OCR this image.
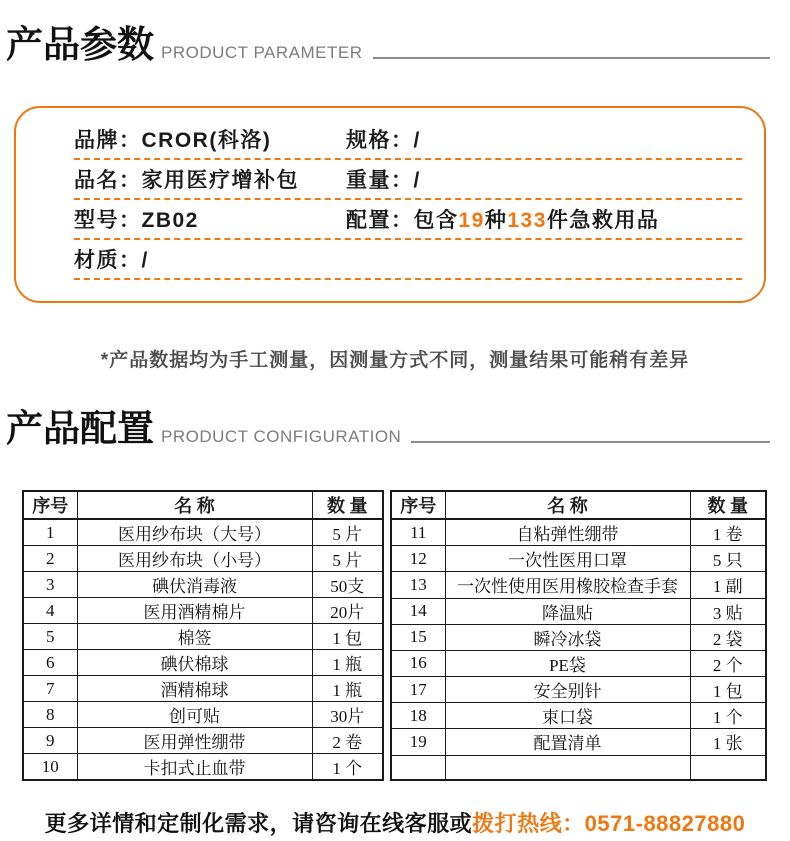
产品参数 PRODUCT PARAMETER
品牌：CROR(科洛)	规格：/
品名：家用医疗增补包	重量：/
型号：ZB02	配置：包含19种133件急救用品
材质：/
*产品数据均为手工测量，因测量方式不同，测量结果可能稍有差异
产品配置 PRODUCT CONFIGURATION
序号	名 称	数 量
1	医用纱布块（大号）	5 片
2	医用纱布块（小号）	5 片
3	碘伏消毒液	50支
4	医用酒精棉片	20片
5	棉签	1 包
6	碘伏棉球	1 瓶
7	酒精棉球	1 瓶
8	创可贴	30片
9	医用弹性绷带	2 卷
10	卡扣式止血带	1 个
序号	名 称	数 量
11	自粘弹性绷带	1 卷
12	一次性医用口罩	5 只
13	一次性使用医用橡胶检查手套	1 副
14	降温贴	3 贴
15	瞬冷冰袋	2 袋
16	PE袋	2 个
17	安全别针	1 包
18	束口袋	1 个
19	配置清单	1 张

更多详情和定制化需求，请咨询在线客服或拨打热线：0571-88827880
